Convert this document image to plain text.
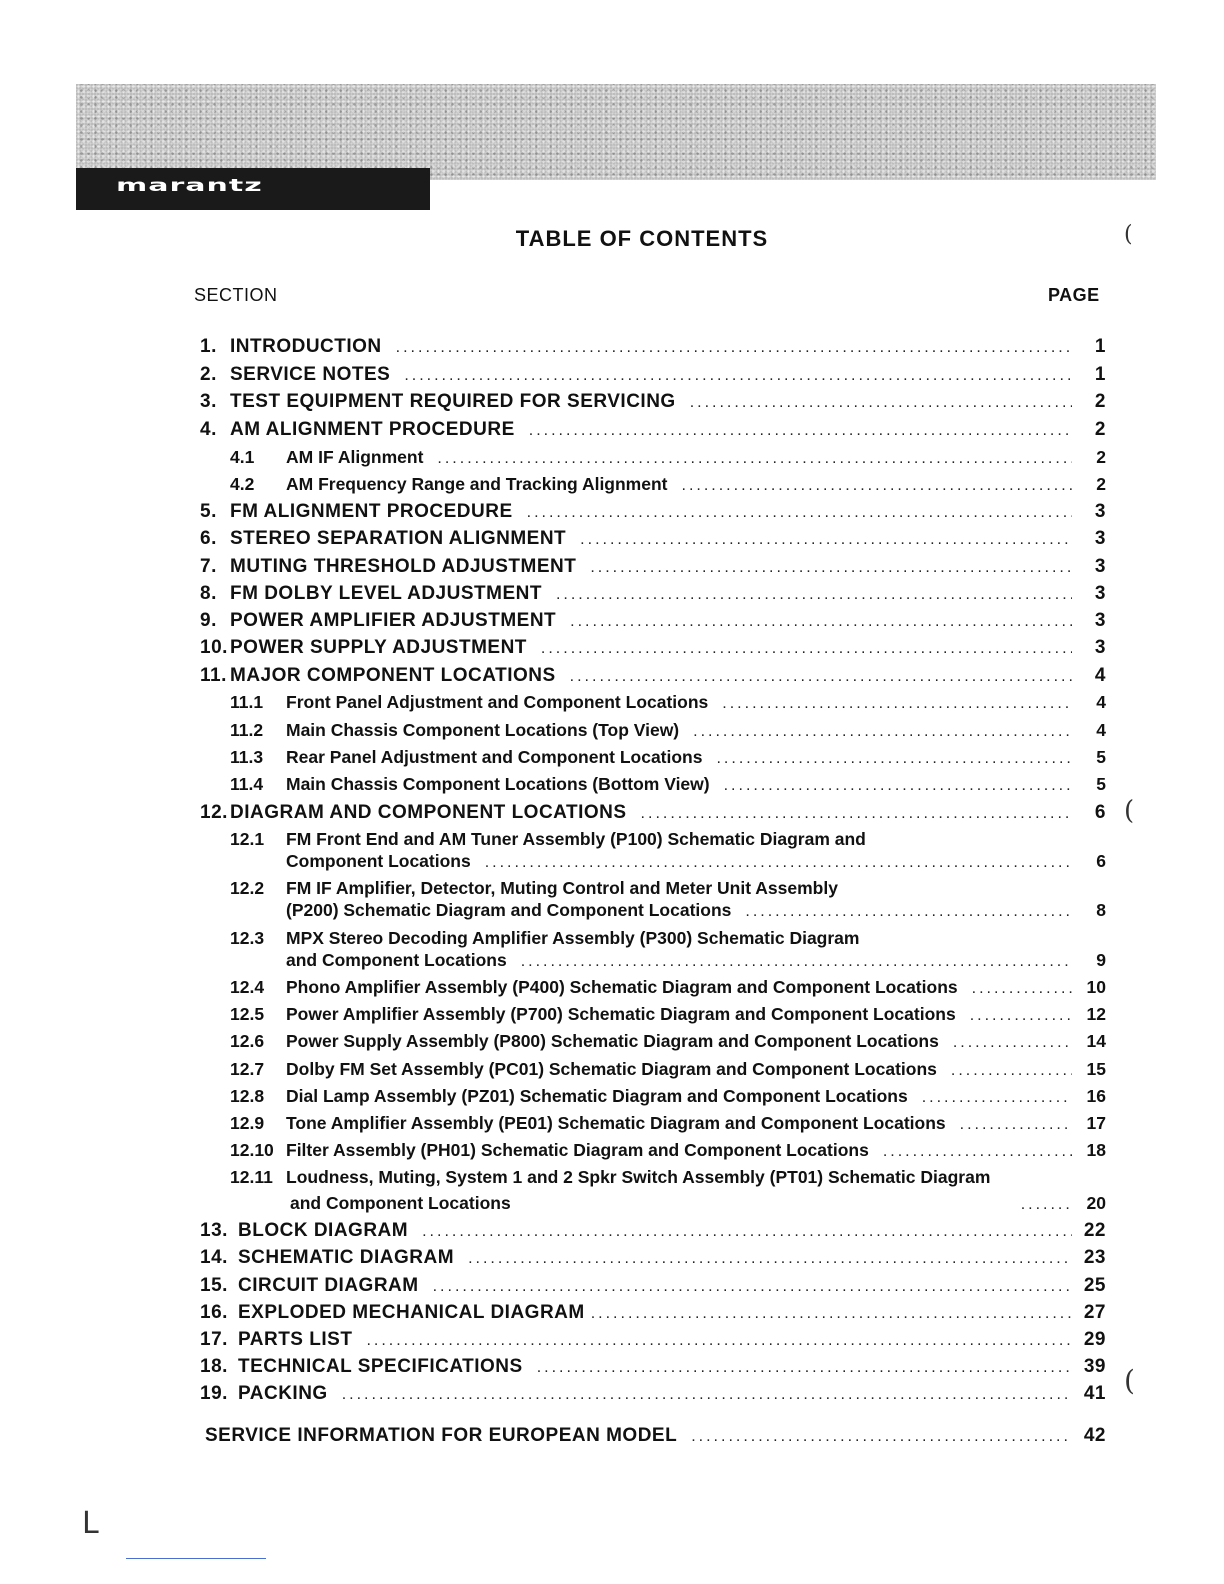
marantz
TABLE OF CONTENTS
SECTION	PAGE
1. INTRODUCTION .....	1
2. SERVICE NOTES .....	1
3. TEST EQUIPMENT REQUIRED FOR SERVICING .....	2
4. AM ALIGNMENT PROCEDURE .....	2
4.1	AM IF Alignment .....	2
4.2	AM Frequency Range and Tracking Alignment .....	2
5. FM ALIGNMENT PROCEDURE .....	3
6. STEREO SEPARATION ALIGNMENT .....	3
7. MUTING THRESHOLD ADJUSTMENT .....	3
8. FM DOLBY LEVEL ADJUSTMENT .....	3
9. POWER AMPLIFIER ADJUSTMENT .....	3
10. POWER SUPPLY ADJUSTMENT .....	3
11. MAJOR COMPONENT LOCATIONS .....	4
11.1	Front Panel Adjustment and Component Locations .....	4
11.2	Main Chassis Component Locations (Top View) .....	4
11.3	Rear Panel Adjustment and Component Locations .....	5
11.4	Main Chassis Component Locations (Bottom View) .....	5
12. DIAGRAM AND COMPONENT LOCATIONS .....	6
12.1	FM Front End and AM Tuner Assembly (P100) Schematic Diagram and
Component Locations .....	6
12.2	FM IF Amplifier, Detector, Muting Control and Meter Unit Assembly
(P200) Schematic Diagram and Component Locations .....	8
12.3	MPX Stereo Decoding Amplifier Assembly (P300) Schematic Diagram
and Component Locations .....	9
12.4	Phono Amplifier Assembly (P400) Schematic Diagram and Component Locations .....	10
12.5	Power Amplifier Assembly (P700) Schematic Diagram and Component Locations .....	12
12.6	Power Supply Assembly (P800) Schematic Diagram and Component Locations .....	14
12.7	Dolby FM Set Assembly (PC01) Schematic Diagram and Component Locations .....	15
12.8	Dial Lamp Assembly (PZ01) Schematic Diagram and Component Locations .....	16
12.9	Tone Amplifier Assembly (PE01) Schematic Diagram and Component Locations .....	17
12.10 Filter Assembly (PH01) Schematic Diagram and Component Locations .....	18
12.11 Loudness, Muting, System 1 and 2 Spkr Switch Assembly (PT01) Schematic Diagram
and Component Locations .....	20
13. BLOCK DIAGRAM .....	22
14. SCHEMATIC DIAGRAM .....	23
15. CIRCUIT DIAGRAM .....	25
16. EXPLODED MECHANICAL DIAGRAM .....	27
17. PARTS LIST .....	29
18. TECHNICAL SPECIFICATIONS .....	39
19. PACKING .....	41
SERVICE INFORMATION FOR EUROPEAN MODEL .....	42
(
(
(
L
